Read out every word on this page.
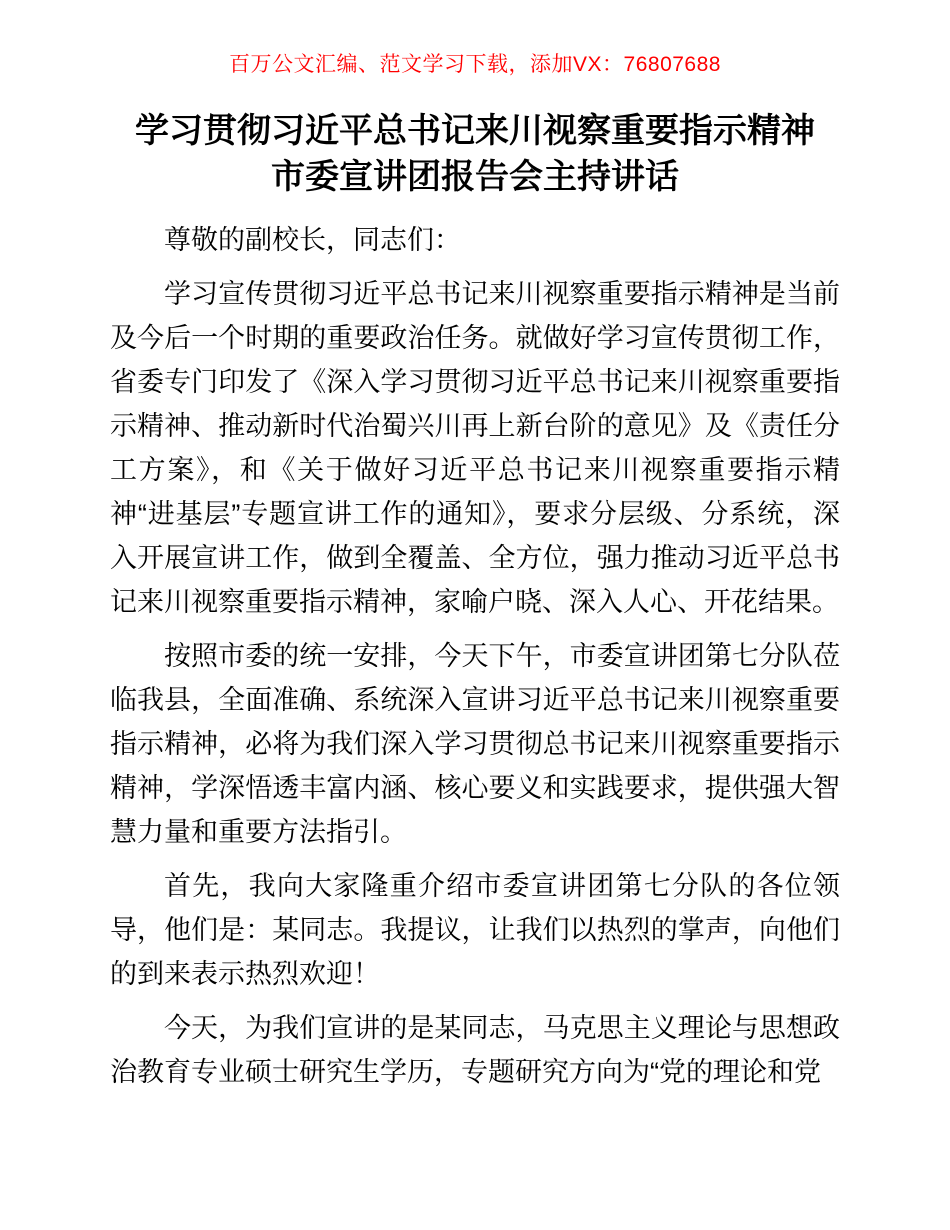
百万公文汇编、范文学习下载，添加VX：76807688
学习贯彻习近平总书记来川视察重要指示精神
市委宣讲团报告会主持讲话

尊敬的副校长，同志们：

学习宣传贯彻习近平总书记来川视察重要指示精神是当前及今后一个时期的重要政治任务。就做好学习宣传贯彻工作，省委专门印发了《深入学习贯彻习近平总书记来川视察重要指示精神、推动新时代治蜀兴川再上新台阶的意见》及《责任分工方案》，和《关于做好习近平总书记来川视察重要指示精神“进基层”专题宣讲工作的通知》，要求分层级、分系统，深入开展宣讲工作，做到全覆盖、全方位，强力推动习近平总书记来川视察重要指示精神，家喻户晓、深入人心、开花结果。

按照市委的统一安排，今天下午，市委宣讲团第七分队莅临我县，全面准确、系统深入宣讲习近平总书记来川视察重要指示精神，必将为我们深入学习贯彻总书记来川视察重要指示精神，学深悟透丰富内涵、核心要义和实践要求，提供强大智慧力量和重要方法指引。

首先，我向大家隆重介绍市委宣讲团第七分队的各位领导，他们是：某同志。我提议，让我们以热烈的掌声，向他们的到来表示热烈欢迎！

今天，为我们宣讲的是某同志，马克思主义理论与思想政治教育专业硕士研究生学历，专题研究方向为“党的理论和党
